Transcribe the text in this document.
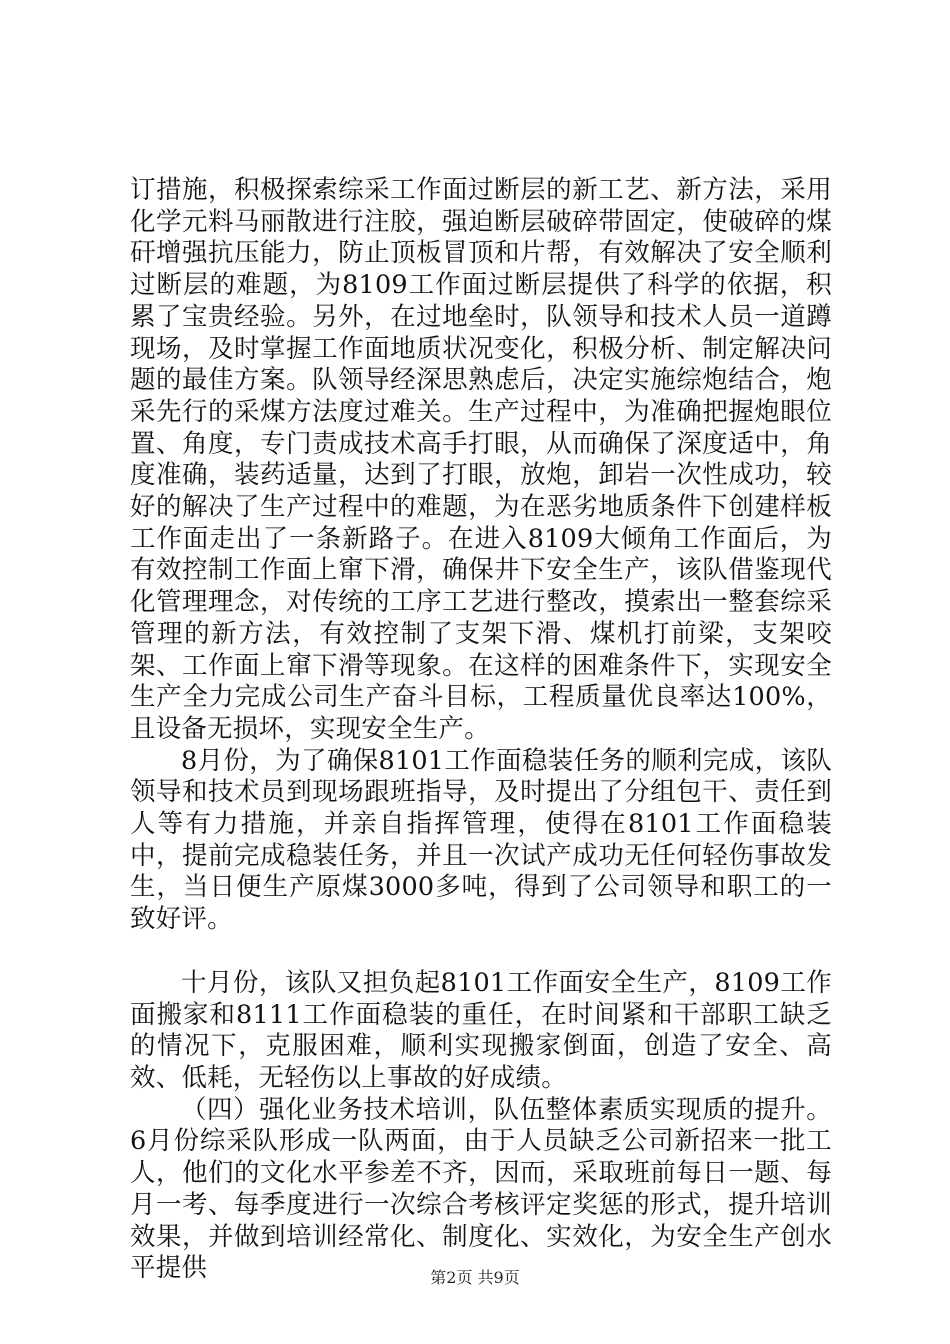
订措施，积极探索综采工作面过断层的新工艺、新方法，采用化学元料马丽散进行注胶，强迫断层破碎带固定，使破碎的煤矸增强抗压能力，防止顶板冒顶和片帮，有效解决了安全顺利过断层的难题，为8109工作面过断层提供了科学的依据，积累了宝贵经验。另外，在过地垒时，队领导和技术人员一道蹲现场，及时掌握工作面地质状况变化，积极分析、制定解决问题的最佳方案。队领导经深思熟虑后，决定实施综炮结合，炮采先行的采煤方法度过难关。生产过程中，为准确把握炮眼位置、角度，专门责成技术高手打眼，从而确保了深度适中，角度准确，装药适量，达到了打眼，放炮，卸岩一次性成功，较好的解决了生产过程中的难题，为在恶劣地质条件下创建样板工作面走出了一条新路子。在进入8109大倾角工作面后，为有效控制工作面上窜下滑，确保井下安全生产，该队借鉴现代化管理理念，对传统的工序工艺进行整改，摸索出一整套综采管理的新方法，有效控制了支架下滑、煤机打前梁，支架咬架、工作面上窜下滑等现象。在这样的困难条件下，实现安全生产全力完成公司生产奋斗目标，工程质量优良率达100%，且设备无损坏，实现安全生产。

8月份，为了确保8101工作面稳装任务的顺利完成，该队领导和技术员到现场跟班指导，及时提出了分组包干、责任到人等有力措施，并亲自指挥管理，使得在8101工作面稳装中，提前完成稳装任务，并且一次试产成功无任何轻伤事故发生，当日便生产原煤3000多吨，得到了公司领导和职工的一致好评。

十月份，该队又担负起8101工作面安全生产，8109工作面搬家和8111工作面稳装的重任，在时间紧和干部职工缺乏的情况下，克服困难，顺利实现搬家倒面，创造了安全、高效、低耗，无轻伤以上事故的好成绩。

（四）强化业务技术培训，队伍整体素质实现质的提升。6月份综采队形成一队两面，由于人员缺乏公司新招来一批工人，他们的文化水平参差不齐，因而，采取班前每日一题、每月一考、每季度进行一次综合考核评定奖惩的形式，提升培训效果，并做到培训经常化、制度化、实效化，为安全生产创水平提供	第2页 共9页
